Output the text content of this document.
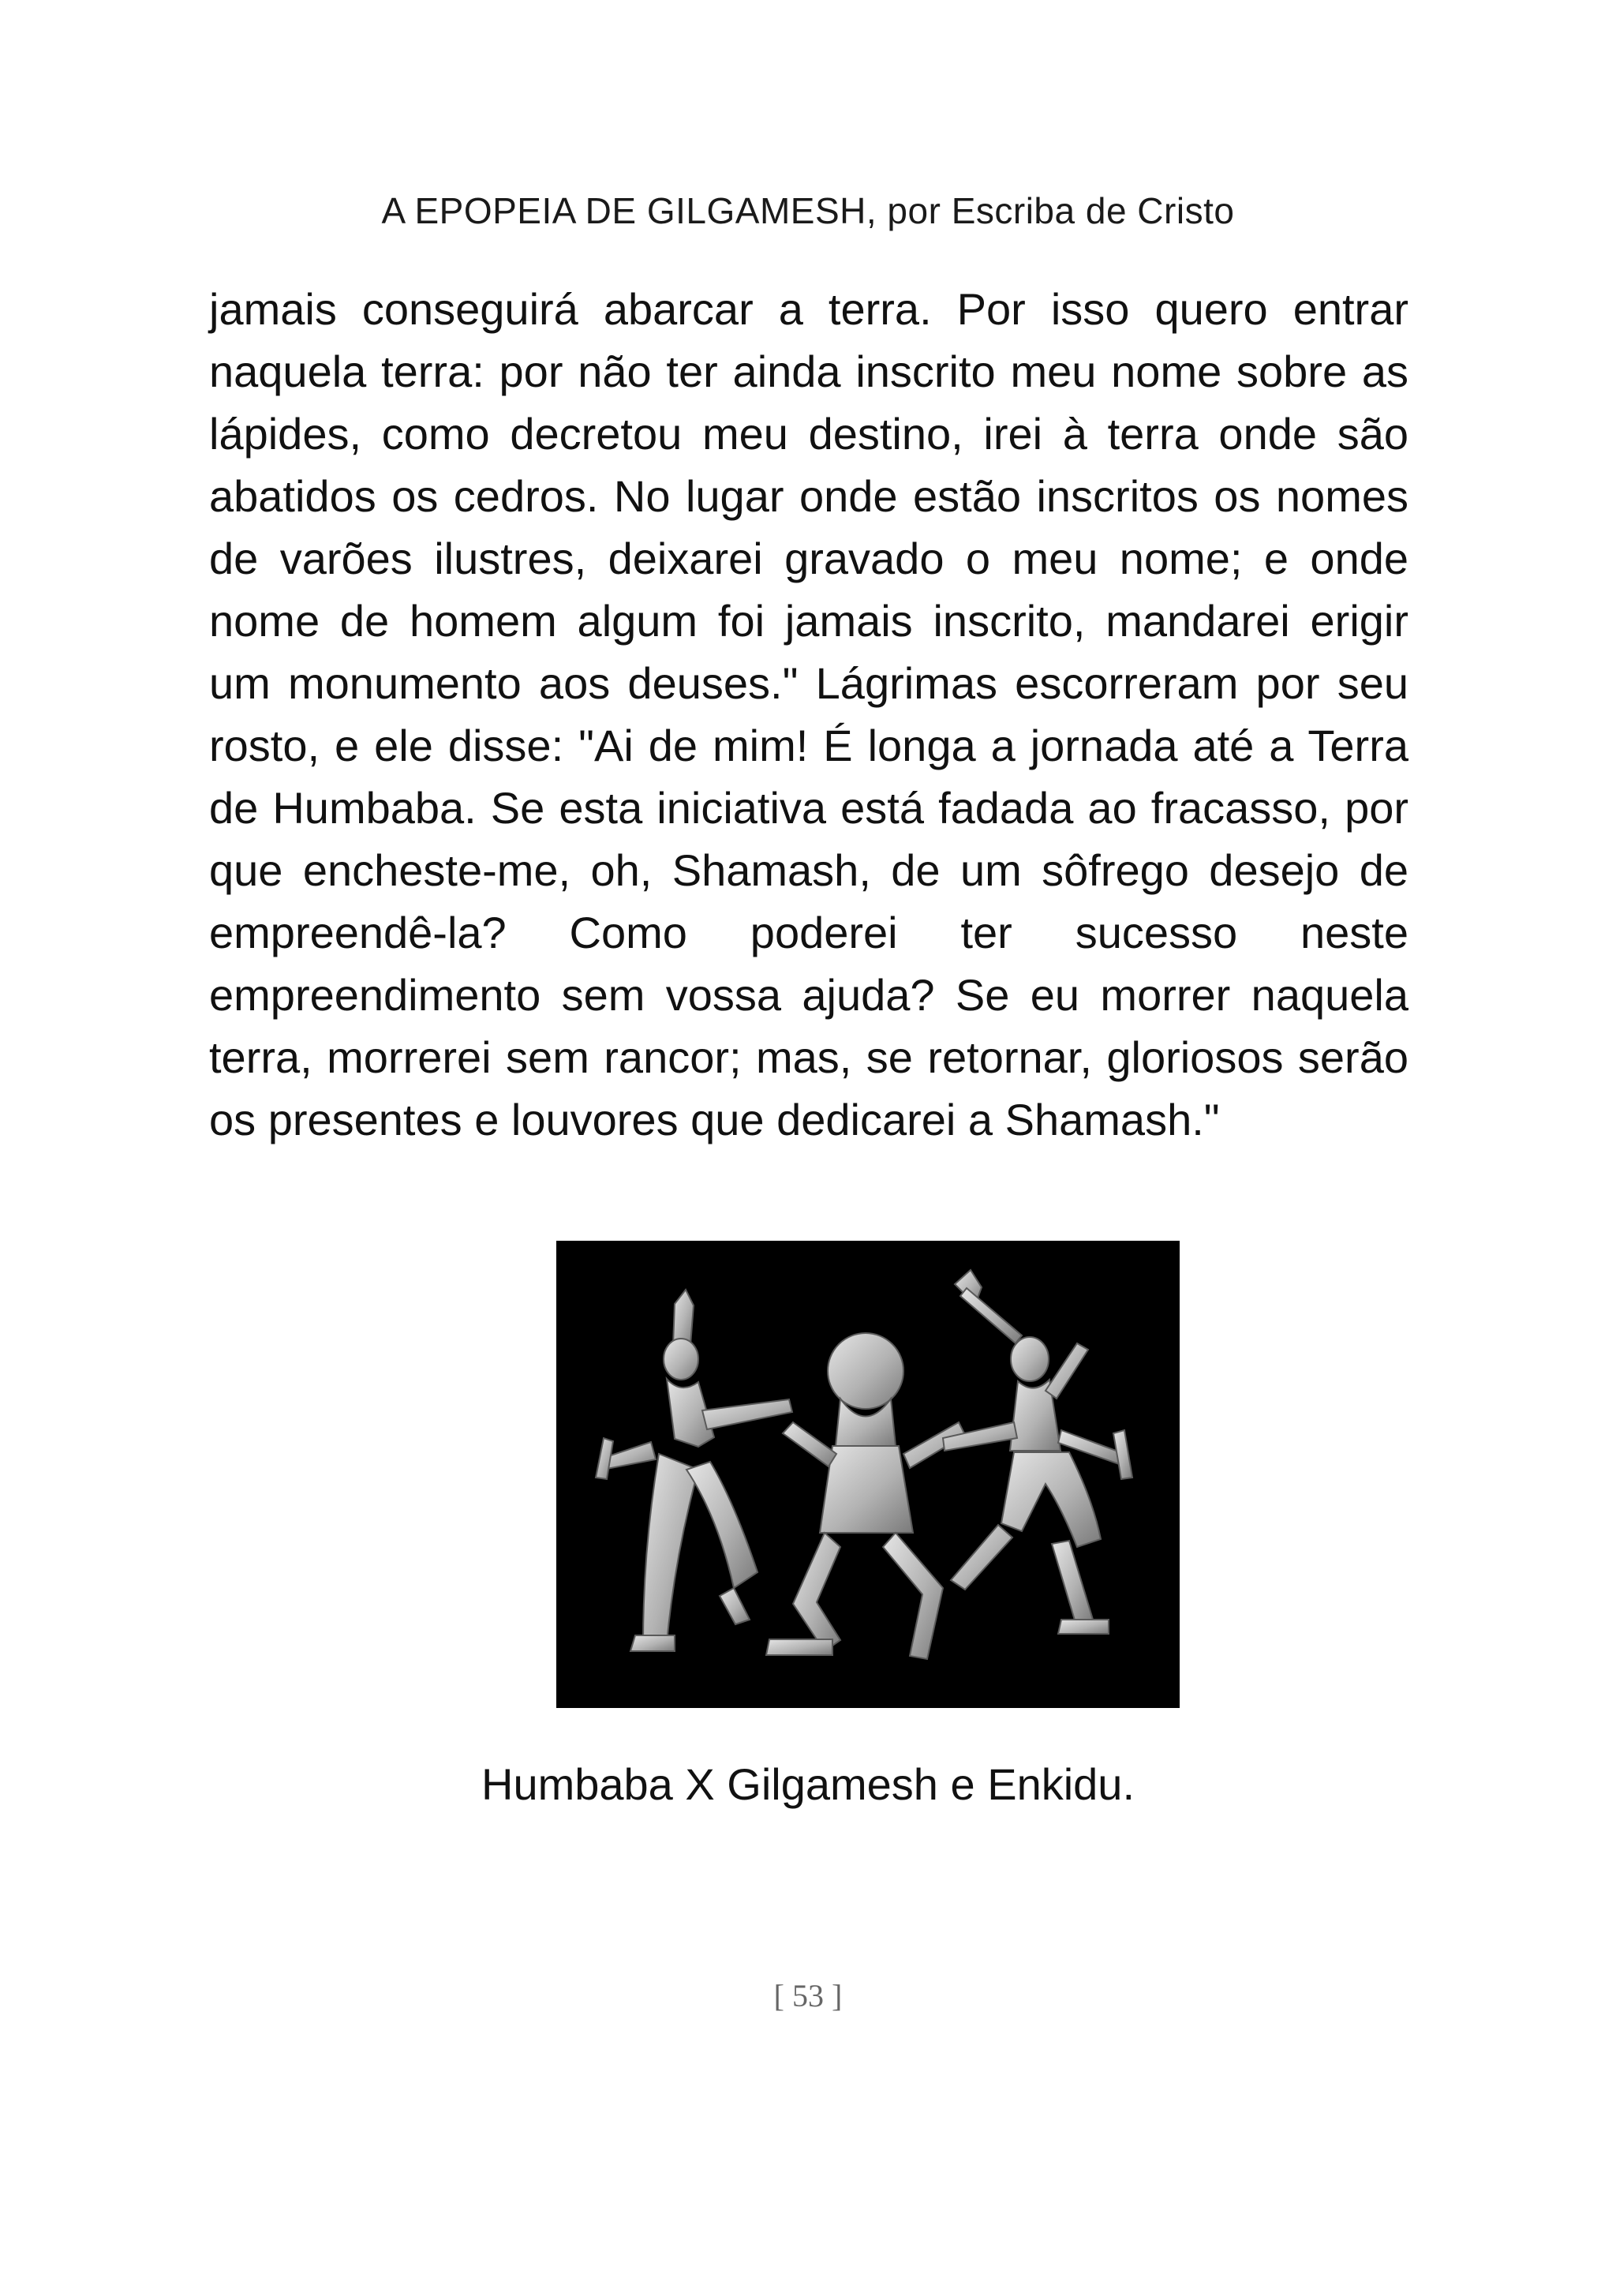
A EPOPEIA DE GILGAMESH, por Escriba de Cristo

jamais conseguirá abarcar a terra. Por isso quero entrar naquela terra: por não ter ainda inscrito meu nome sobre as lápides, como decretou meu destino, irei à terra onde são abatidos os cedros. No lugar onde estão inscritos os nomes de varões ilustres, deixarei gravado o meu nome; e onde nome de homem algum foi jamais inscrito, mandarei erigir um monumento aos deuses." Lágrimas escorreram por seu rosto, e ele disse: "Ai de mim! É longa a jornada até a Terra de Humbaba. Se esta iniciativa está fadada ao fracasso, por que encheste-me, oh, Shamash, de um sôfrego desejo de empreendê-la? Como poderei ter sucesso neste empreendimento sem vossa ajuda? Se eu morrer naquela terra, morrerei sem rancor; mas, se retornar, gloriosos serão os presentes e louvores que dedicarei a Shamash."

Humbaba X Gilgamesh e Enkidu.
[ 53 ]
